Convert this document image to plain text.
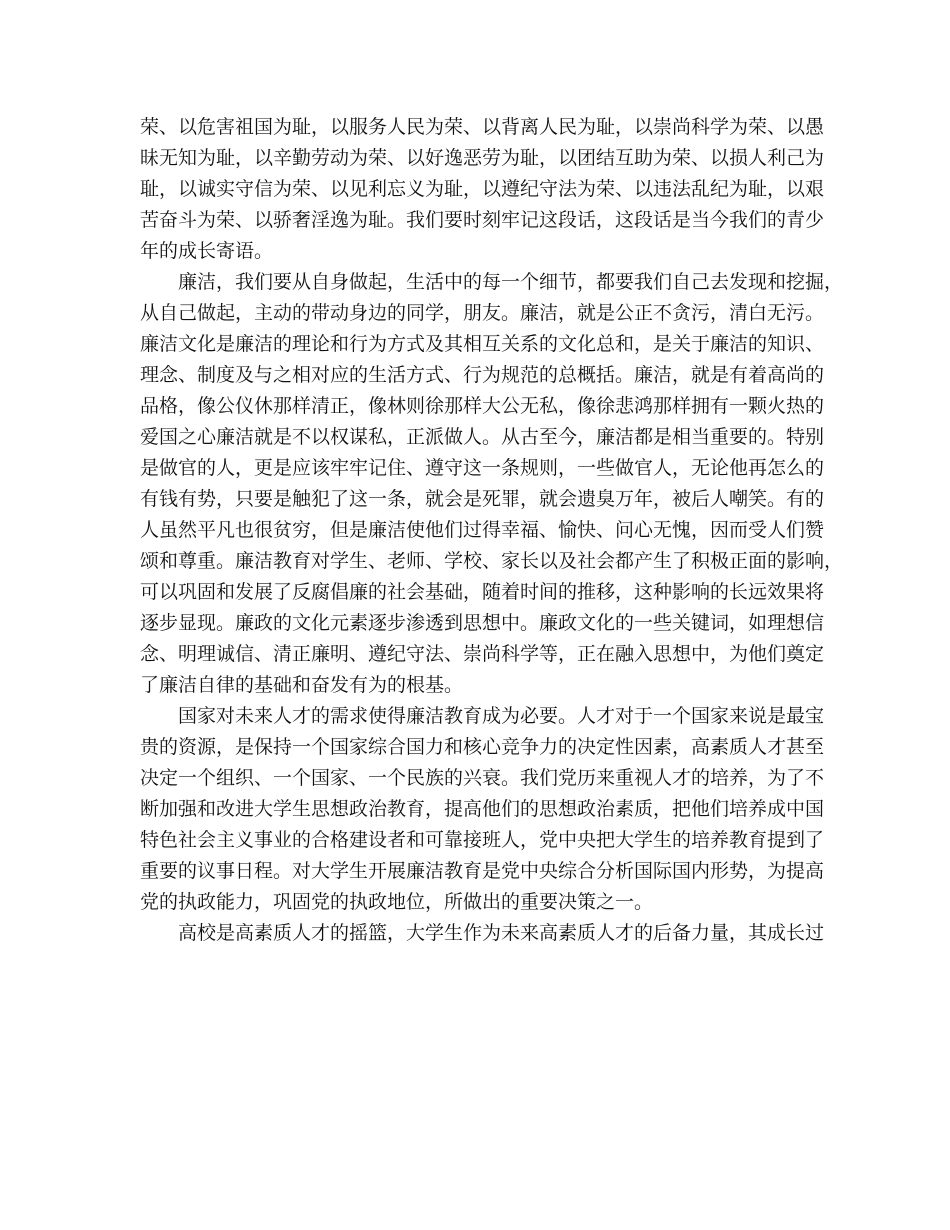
荣、以危害祖国为耻，以服务人民为荣、以背离人民为耻，以崇尚科学为荣、以愚
昧无知为耻，以辛勤劳动为荣、以好逸恶劳为耻，以团结互助为荣、以损人利己为
耻，以诚实守信为荣、以见利忘义为耻，以遵纪守法为荣、以违法乱纪为耻，以艰
苦奋斗为荣、以骄奢淫逸为耻。我们要时刻牢记这段话，这段话是当今我们的青少
年的成长寄语。
廉洁，我们要从自身做起，生活中的每一个细节，都要我们自己去发现和挖掘，
从自己做起，主动的带动身边的同学，朋友。廉洁，就是公正不贪污，清白无污。
廉洁文化是廉洁的理论和行为方式及其相互关系的文化总和，是关于廉洁的知识、
理念、制度及与之相对应的生活方式、行为规范的总概括。廉洁，就是有着高尚的
品格，像公仪休那样清正，像林则徐那样大公无私，像徐悲鸿那样拥有一颗火热的
爱国之心廉洁就是不以权谋私，正派做人。从古至今，廉洁都是相当重要的。特别
是做官的人，更是应该牢牢记住、遵守这一条规则，一些做官人，无论他再怎么的
有钱有势，只要是触犯了这一条，就会是死罪，就会遗臭万年，被后人嘲笑。有的
人虽然平凡也很贫穷，但是廉洁使他们过得幸福、愉快、问心无愧，因而受人们赞
颂和尊重。廉洁教育对学生、老师、学校、家长以及社会都产生了积极正面的影响，
可以巩固和发展了反腐倡廉的社会基础，随着时间的推移，这种影响的长远效果将
逐步显现。廉政的文化元素逐步渗透到思想中。廉政文化的一些关键词，如理想信
念、明理诚信、清正廉明、遵纪守法、崇尚科学等，正在融入思想中，为他们奠定
了廉洁自律的基础和奋发有为的根基。
国家对未来人才的需求使得廉洁教育成为必要。人才对于一个国家来说是最宝
贵的资源，是保持一个国家综合国力和核心竞争力的决定性因素，高素质人才甚至
决定一个组织、一个国家、一个民族的兴衰。我们党历来重视人才的培养，为了不
断加强和改进大学生思想政治教育，提高他们的思想政治素质，把他们培养成中国
特色社会主义事业的合格建设者和可靠接班人，党中央把大学生的培养教育提到了
重要的议事日程。对大学生开展廉洁教育是党中央综合分析国际国内形势，为提高
党的执政能力，巩固党的执政地位，所做出的重要决策之一。
高校是高素质人才的摇篮，大学生作为未来高素质人才的后备力量，其成长过
